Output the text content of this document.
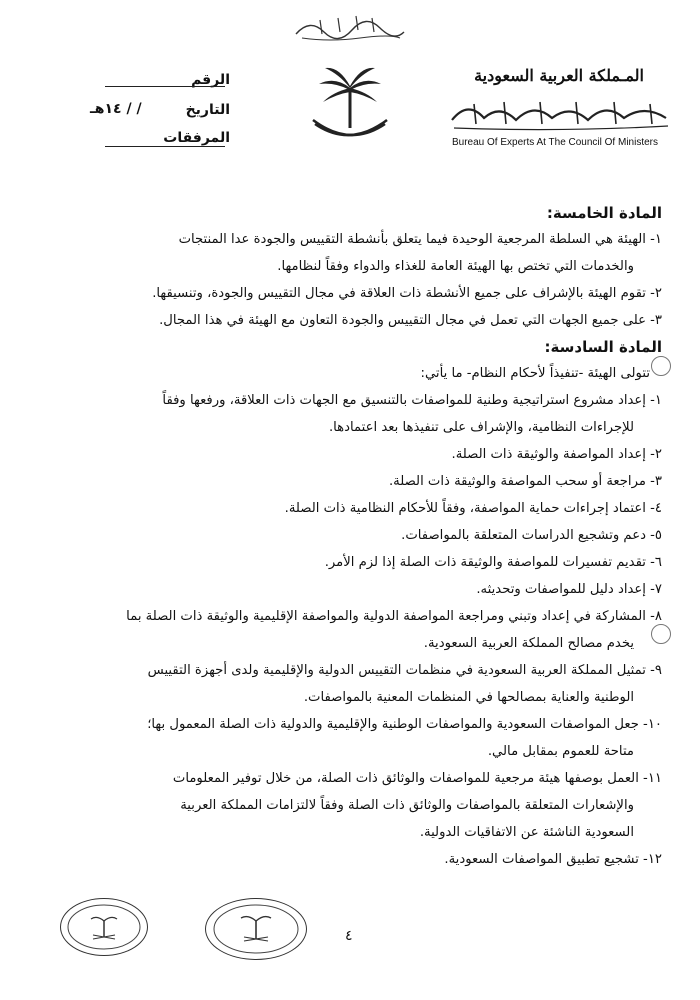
المـملكة العربية السعودية
Bureau Of Experts At The Council Of Ministers
الرقم
التاريخ
/ / ١٤هـ
المرفقات
المادة الخامسة:
١- الهيئة هي السلطة المرجعية الوحيدة فيما يتعلق بأنشطة التقييس والجودة عدا المنتجات
والخدمات التي تختص بها الهيئة العامة للغذاء والدواء وفقاً لنظامها.
٢- تقوم الهيئة بالإشراف على جميع الأنشطة ذات العلاقة في مجال التقييس والجودة، وتنسيقها.
٣- على جميع الجهات التي تعمل في مجال التقييس والجودة التعاون مع الهيئة في هذا المجال.
المادة السادسة:
تتولى الهيئة -تنفيذاً لأحكام النظام- ما يأتي:
١- إعداد مشروع استراتيجية وطنية للمواصفات بالتنسيق مع الجهات ذات العلاقة، ورفعها وفقاً
للإجراءات النظامية، والإشراف على تنفيذها بعد اعتمادها.
٢- إعداد المواصفة والوثيقة ذات الصلة.
٣- مراجعة أو سحب المواصفة والوثيقة ذات الصلة.
٤- اعتماد إجراءات حماية المواصفة، وفقاً للأحكام النظامية ذات الصلة.
٥- دعم وتشجيع الدراسات المتعلقة بالمواصفات.
٦- تقديم تفسيرات للمواصفة والوثيقة ذات الصلة إذا لزم الأمر.
٧- إعداد دليل للمواصفات وتحديثه.
٨- المشاركة في إعداد وتبني ومراجعة المواصفة الدولية والمواصفة الإقليمية والوثيقة ذات الصلة بما
يخدم مصالح المملكة العربية السعودية.
٩- تمثيل المملكة العربية السعودية في منظمات التقييس الدولية والإقليمية ولدى أجهزة التقييس
الوطنية والعناية بمصالحها في المنظمات المعنية بالمواصفات.
١٠- جعل المواصفات السعودية والمواصفات الوطنية والإقليمية والدولية ذات الصلة المعمول بها؛
متاحة للعموم بمقابل مالي.
١١- العمل بوصفها هيئة مرجعية للمواصفات والوثائق ذات الصلة، من خلال توفير المعلومات
والإشعارات المتعلقة بالمواصفات والوثائق ذات الصلة وفقاً لالتزامات المملكة العربية
السعودية الناشئة عن الاتفاقيات الدولية.
١٢- تشجيع تطبيق المواصفات السعودية.
٤
